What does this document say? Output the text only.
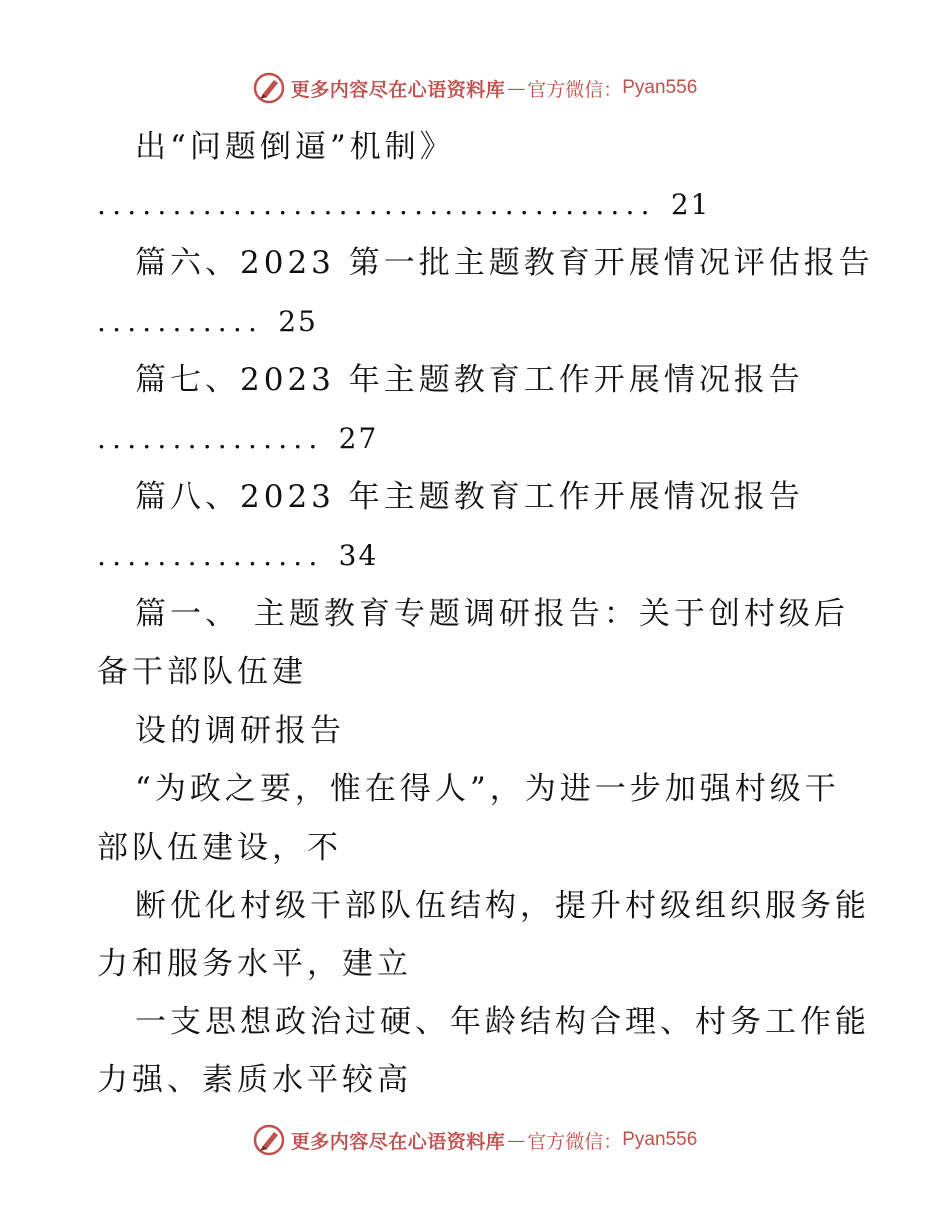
更多内容尽在心语资料库 — 官方微信： Pyan556
出“问题倒逼”机制》
..................................... 21
篇六、2023 第一批主题教育开展情况评估报告
........... 25
篇七、2023 年主题教育工作开展情况报告
............... 27
篇八、2023 年主题教育工作开展情况报告
............... 34
篇一、 主题教育专题调研报告：关于创村级后
备干部队伍建
设的调研报告
“为政之要，惟在得人”，为进一步加强村级干
部队伍建设，不
断优化村级干部队伍结构，提升村级组织服务能
力和服务水平，建立
一支思想政治过硬、年龄结构合理、村务工作能
力强、素质水平较高
更多内容尽在心语资料库 — 官方微信： Pyan556
